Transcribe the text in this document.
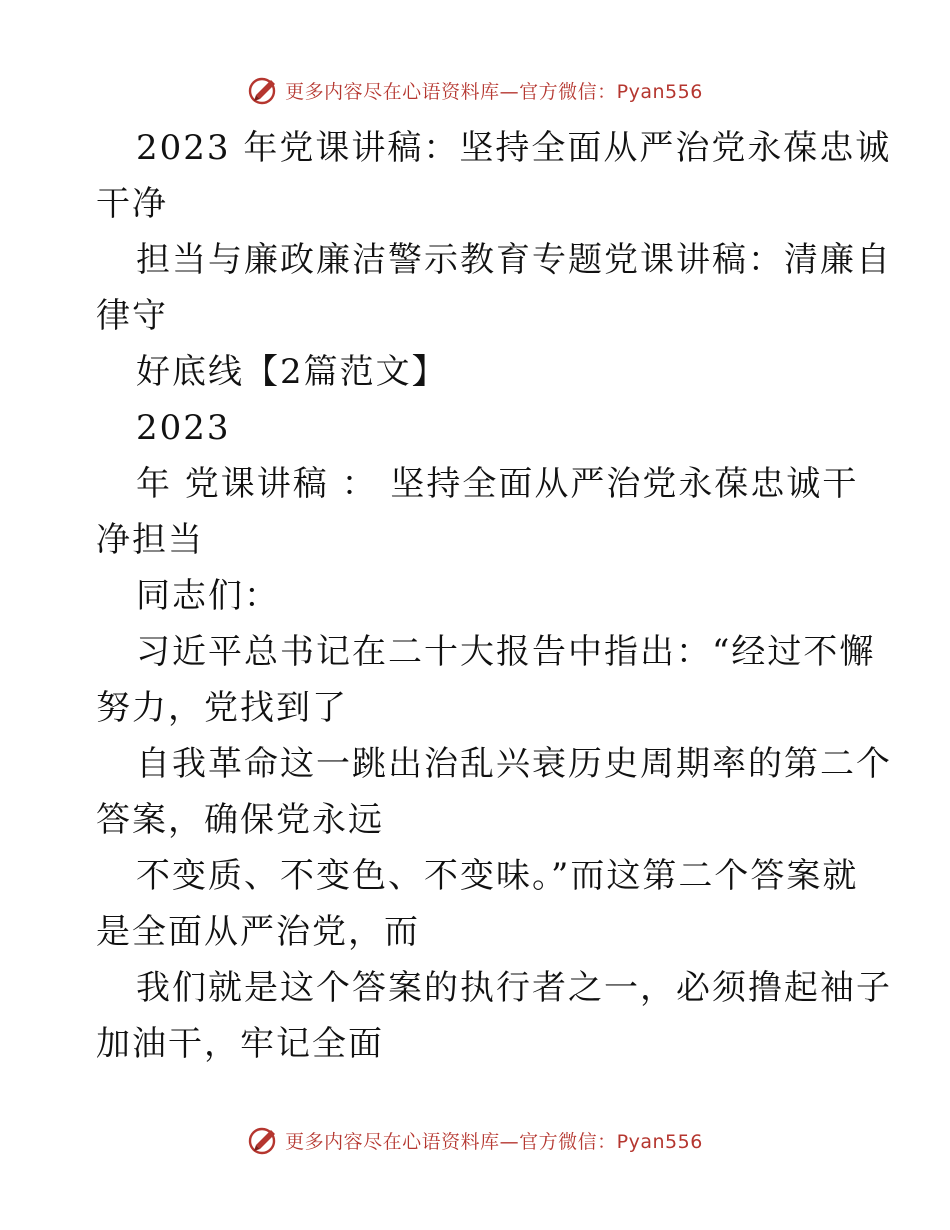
更多内容尽在心语资料库—官方微信：Pyan556
2023 年党课讲稿：坚持全面从严治党永葆忠诚
干净
担当与廉政廉洁警示教育专题党课讲稿：清廉自
律守
好底线【2篇范文】
2023
年 党课讲稿 ： 坚持全面从严治党永葆忠诚干
净担当
同志们：
习近平总书记在二十大报告中指出：“经过不懈
努力，党找到了
自我革命这一跳出治乱兴衰历史周期率的第二个
答案，确保党永远
不变质、不变色、不变味。”而这第二个答案就
是全面从严治党，而
我们就是这个答案的执行者之一，必须撸起袖子
加油干，牢记全面
更多内容尽在心语资料库—官方微信：Pyan556
